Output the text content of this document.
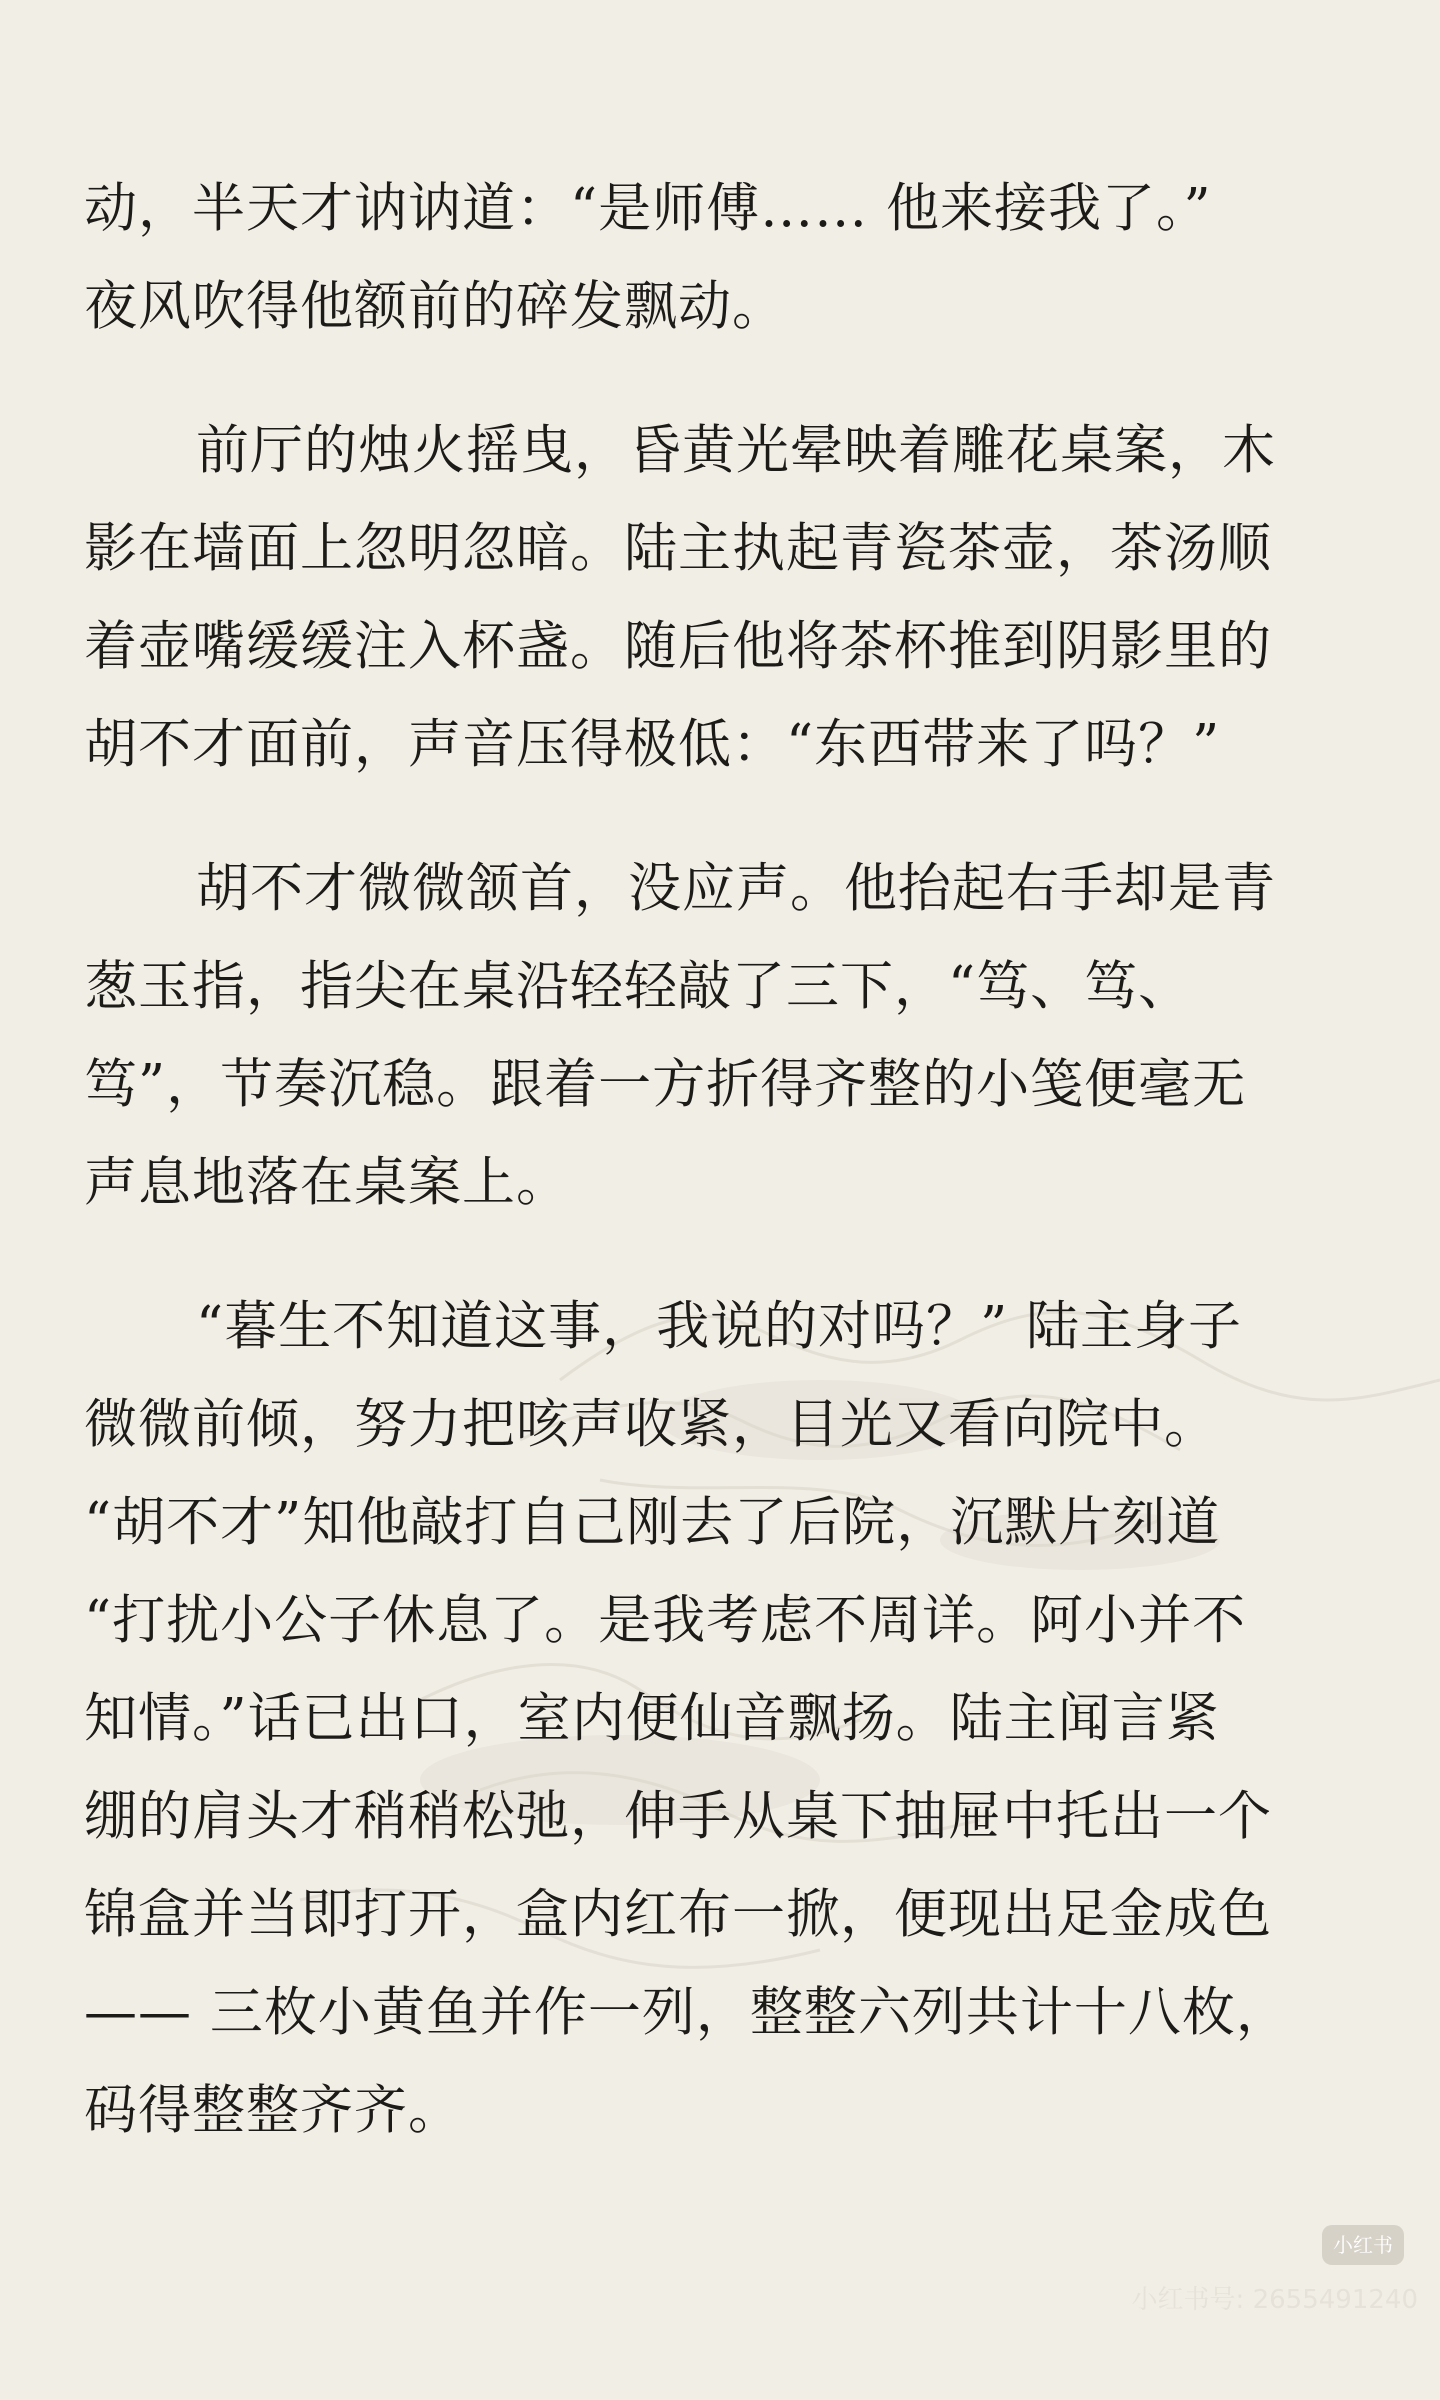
动，半天才讷讷道：“是师傅…… 他来接我了。”
夜风吹得他额前的碎发飘动。

前厅的烛火摇曳，昏黄光晕映着雕花桌案，木
影在墙面上忽明忽暗。陆主执起青瓷茶壶，茶汤顺
着壶嘴缓缓注入杯盏。随后他将茶杯推到阴影里的
胡不才面前，声音压得极低：“东西带来了吗？”

胡不才微微颔首，没应声。他抬起右手却是青
葱玉指，指尖在桌沿轻轻敲了三下，“笃、笃、
笃”，节奏沉稳。跟着一方折得齐整的小笺便毫无
声息地落在桌案上。

“暮生不知道这事，我说的对吗？” 陆主身子
微微前倾，努力把咳声收紧，目光又看向院中。
“胡不才”知他敲打自己刚去了后院，沉默片刻道
“打扰小公子休息了。是我考虑不周详。阿小并不
知情。”话已出口，室内便仙音飘扬。陆主闻言紧
绷的肩头才稍稍松弛，伸手从桌下抽屉中托出一个
锦盒并当即打开，盒内红布一掀，便现出足金成色
—— 三枚小黄鱼并作一列，整整六列共计十八枚，
码得整整齐齐。

小红书
小红书号: 2655491240
